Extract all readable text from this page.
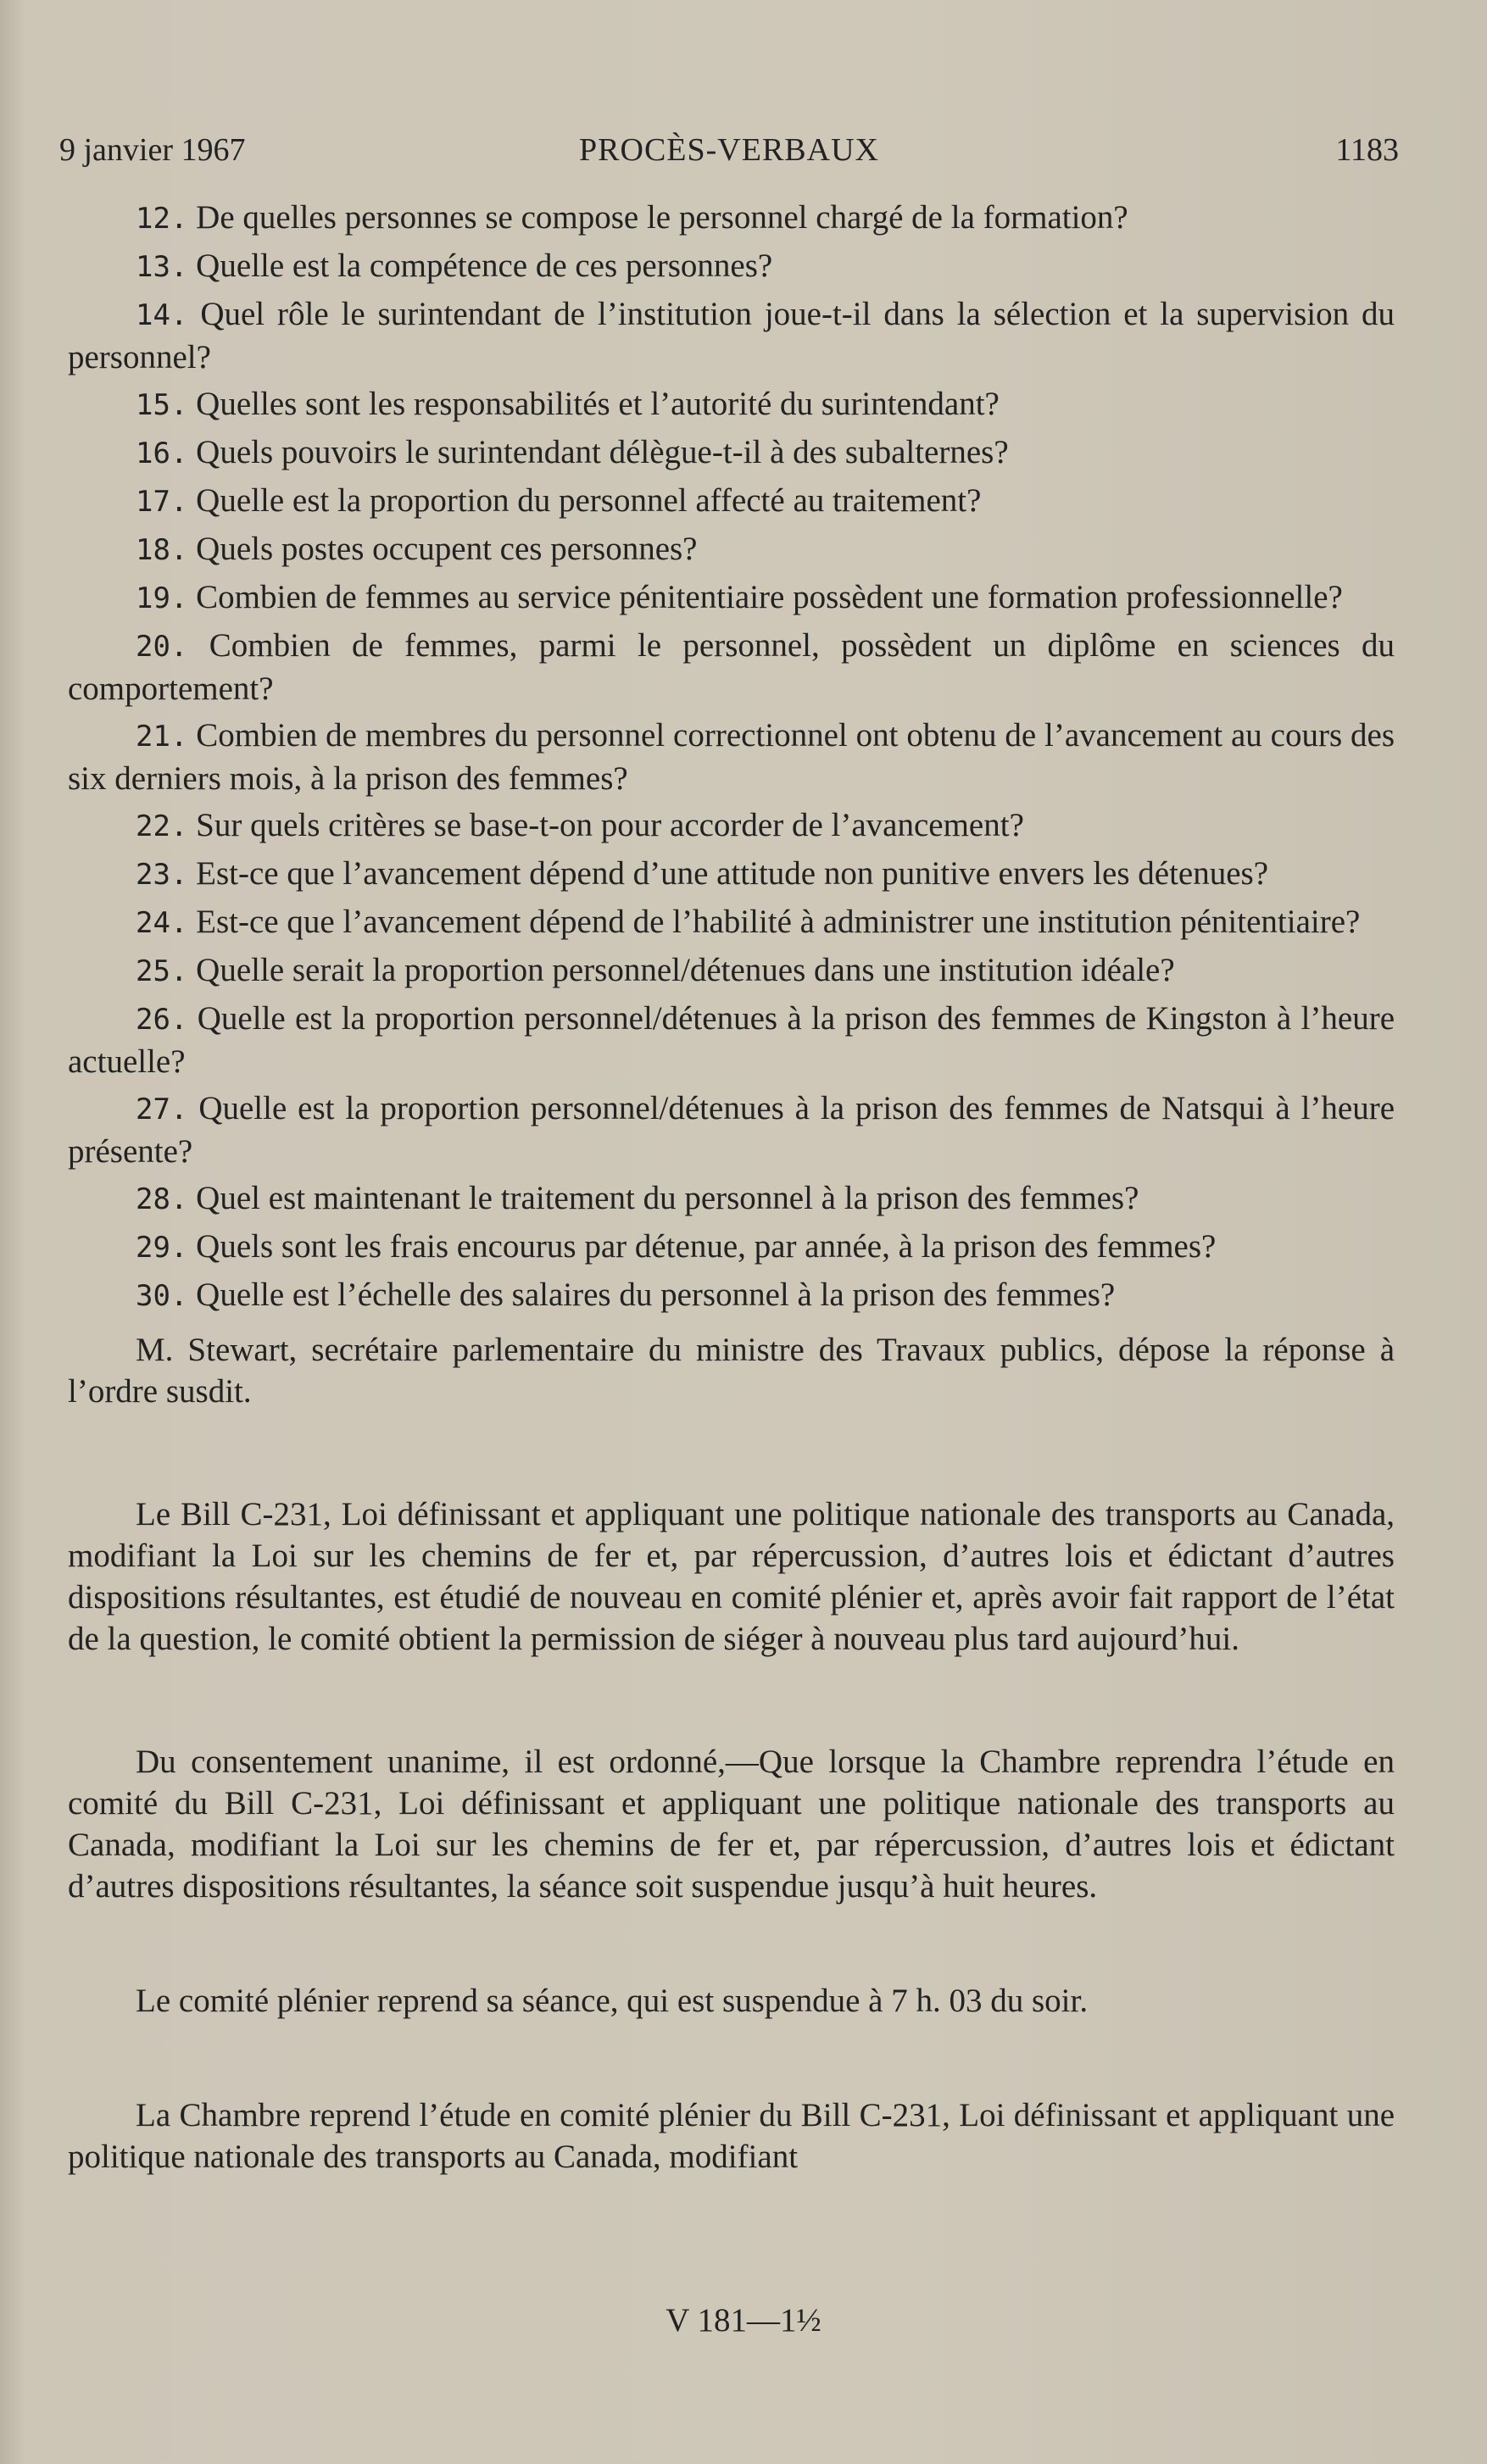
9 janvier 1967	PROCÈS-VERBAUX	1183

12. De quelles personnes se compose le personnel chargé de la formation?

13. Quelle est la compétence de ces personnes?

14. Quel rôle le surintendant de l’institution joue-t-il dans la sélection et la supervision du personnel?

15. Quelles sont les responsabilités et l’autorité du surintendant?

16. Quels pouvoirs le surintendant délègue-t-il à des subalternes?

17. Quelle est la proportion du personnel affecté au traitement?

18. Quels postes occupent ces personnes?

19. Combien de femmes au service pénitentiaire possèdent une formation professionnelle?

20. Combien de femmes, parmi le personnel, possèdent un diplôme en sciences du comportement?

21. Combien de membres du personnel correctionnel ont obtenu de l’avancement au cours des six derniers mois, à la prison des femmes?

22. Sur quels critères se base-t-on pour accorder de l’avancement?

23. Est-ce que l’avancement dépend d’une attitude non punitive envers les détenues?

24. Est-ce que l’avancement dépend de l’habilité à administrer une institution pénitentiaire?

25. Quelle serait la proportion personnel/détenues dans une institution idéale?

26. Quelle est la proportion personnel/détenues à la prison des femmes de Kingston à l’heure actuelle?

27. Quelle est la proportion personnel/détenues à la prison des femmes de Natsqui à l’heure présente?

28. Quel est maintenant le traitement du personnel à la prison des femmes?

29. Quels sont les frais encourus par détenue, par année, à la prison des femmes?

30. Quelle est l’échelle des salaires du personnel à la prison des femmes?

M. Stewart, secrétaire parlementaire du ministre des Travaux publics, dépose la réponse à l’ordre susdit.

Le Bill C-231, Loi définissant et appliquant une politique nationale des transports au Canada, modifiant la Loi sur les chemins de fer et, par répercussion, d’autres lois et édictant d’autres dispositions résultantes, est étudié de nouveau en comité plénier et, après avoir fait rapport de l’état de la question, le comité obtient la permission de siéger à nouveau plus tard aujourd’hui.

Du consentement unanime, il est ordonné,—Que lorsque la Chambre reprendra l’étude en comité du Bill C-231, Loi définissant et appliquant une politique nationale des transports au Canada, modifiant la Loi sur les chemins de fer et, par répercussion, d’autres lois et édictant d’autres dispositions résultantes, la séance soit suspendue jusqu’à huit heures.

Le comité plénier reprend sa séance, qui est suspendue à 7 h. 03 du soir.

La Chambre reprend l’étude en comité plénier du Bill C-231, Loi définissant et appliquant une politique nationale des transports au Canada, modifiant

V 181—1½
